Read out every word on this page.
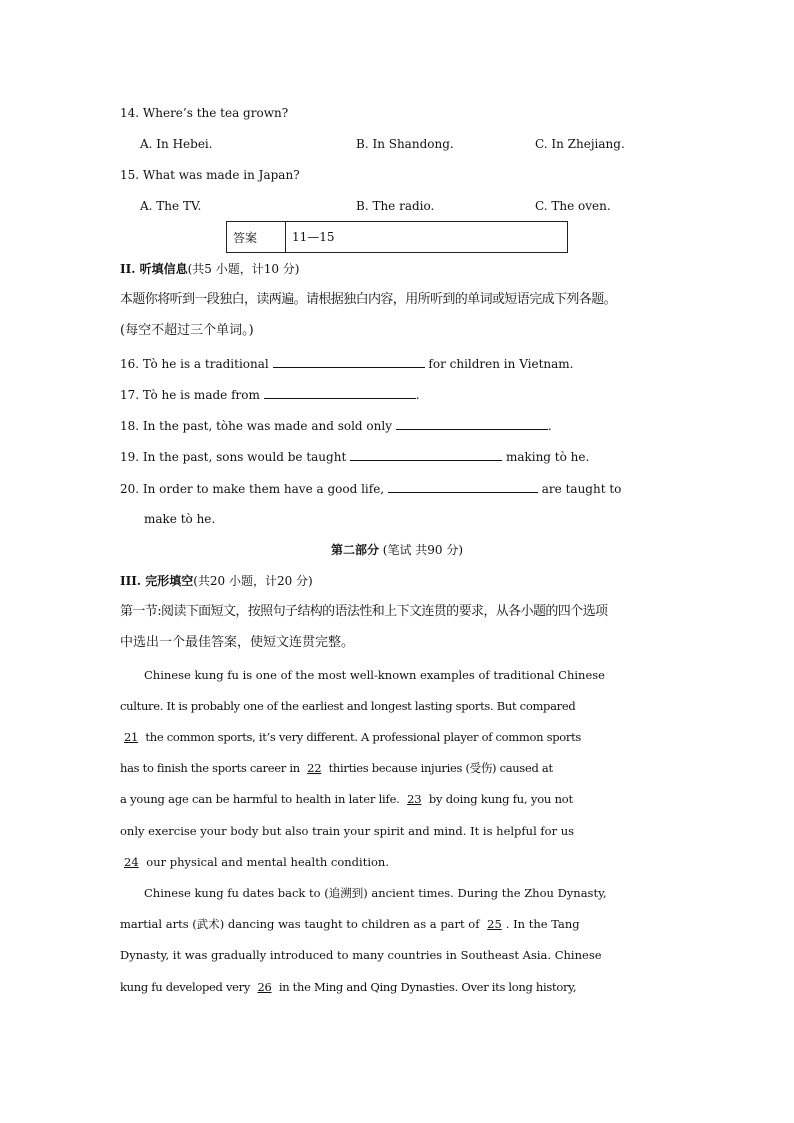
14. Where’s the tea grown?
A. In Hebei.	B. In Shandong.	C. In Zhejiang.
15. What was made in Japan?
A. The TV.	B. The radio.	C. The oven.
答案	11—15
II. 听填信息(共5 小题，计10 分)
本题你将听到一段独白，读两遍。请根据独白内容，用所听到的单词或短语完成下列各题。
(每空不超过三个单词。)
16. Tò he is a traditional	for children in Vietnam.
17. Tò he is made from	.
18. In the past, tòhe was made and sold only	.
19. In the past, sons would be taught	making tò he.
20. In order to make them have a good life,	are taught to
make tò he.
第二部分 (笔试 共90 分)
III. 完形填空(共20 小题，计20 分)
第一节:阅读下面短文，按照句子结构的语法性和上下文连贯的要求，从各小题的四个选项
中选出一个最佳答案，使短文连贯完整。
Chinese kung fu is one of the most well-known examples of traditional Chinese
culture. It is probably one of the earliest and longest lasting sports. But compared
21 the common sports, it’s very different. A professional player of common sports
has to finish the sports career in 22 thirties because injuries (受伤) caused at
a young age can be harmful to health in later life. 23 by doing kung fu, you not
only exercise your body but also train your spirit and mind. It is helpful for us
24 our physical and mental health condition.
Chinese kung fu dates back to (追溯到) ancient times. During the Zhou Dynasty,
martial arts (武术) dancing was taught to children as a part of 25 . In the Tang
Dynasty, it was gradually introduced to many countries in Southeast Asia. Chinese
kung fu developed very 26 in the Ming and Qing Dynasties. Over its long history,
